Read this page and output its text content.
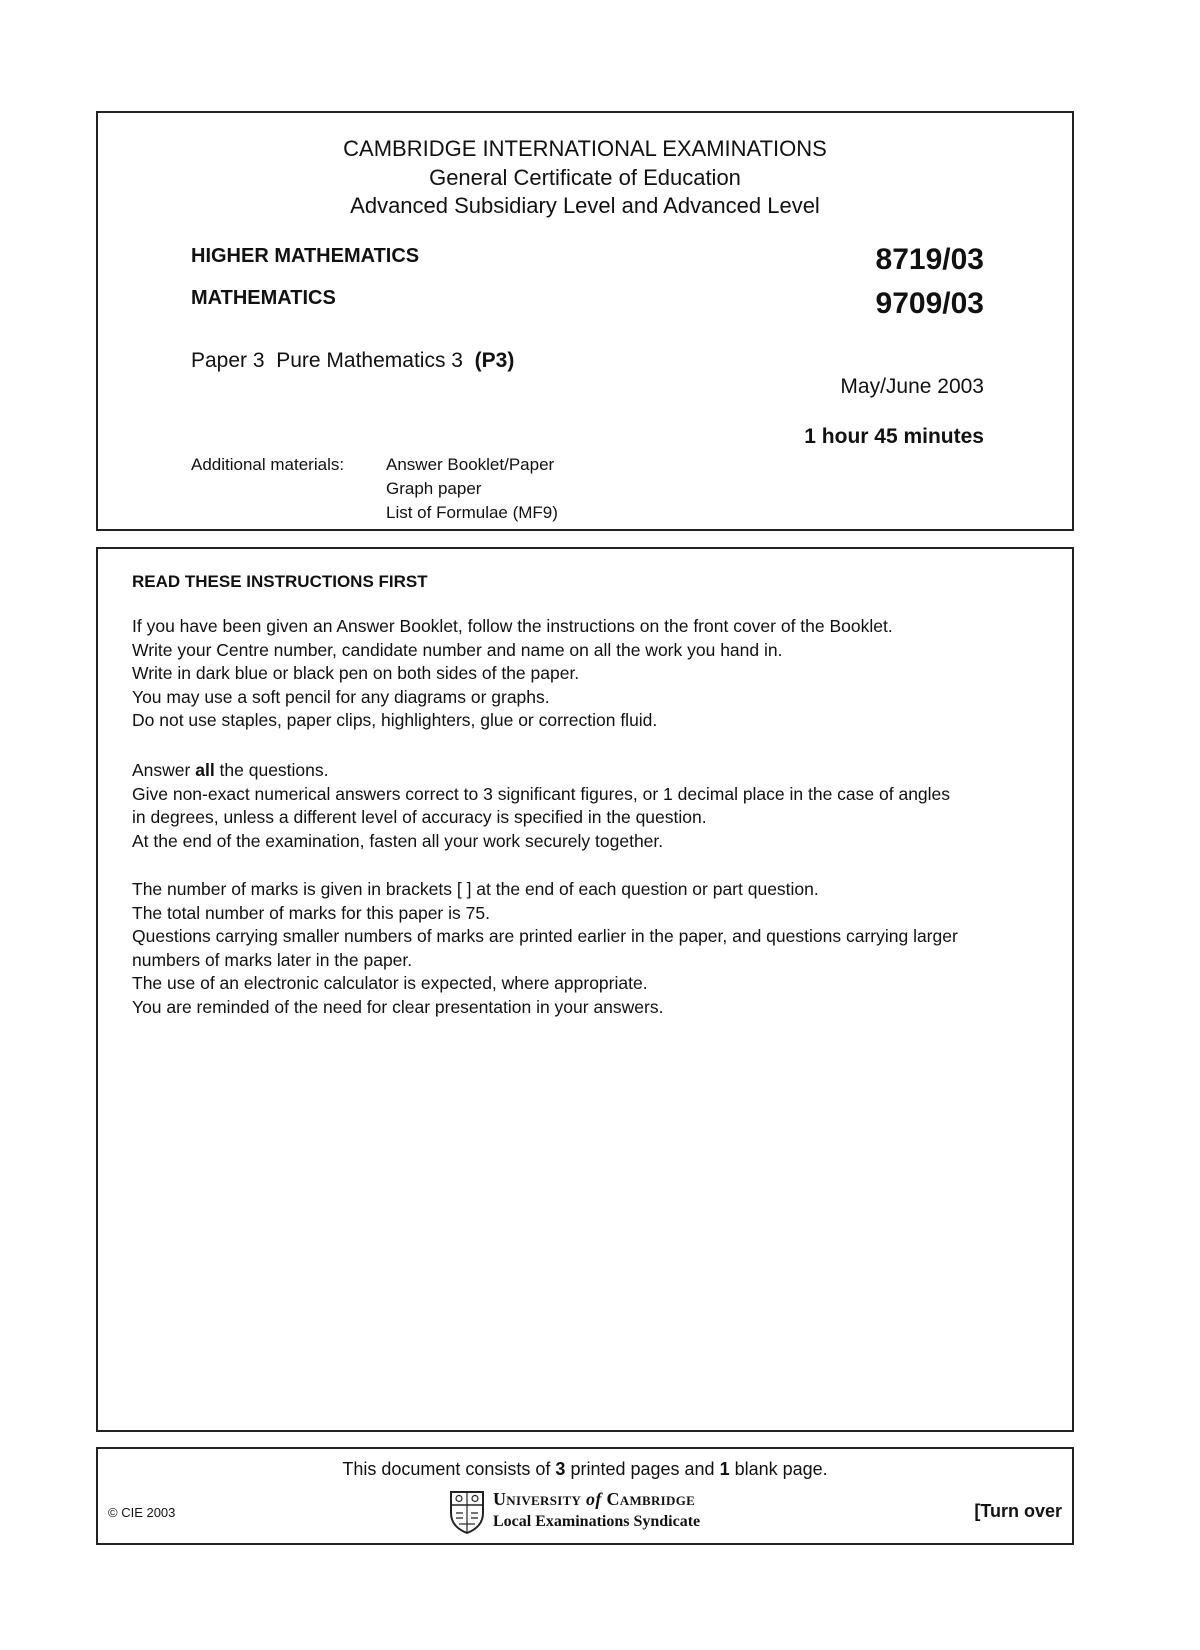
CAMBRIDGE INTERNATIONAL EXAMINATIONS
General Certificate of Education
Advanced Subsidiary Level and Advanced Level
HIGHER MATHEMATICS	8719/03
MATHEMATICS	9709/03
Paper 3  Pure Mathematics 3  (P3)
May/June 2003
1 hour 45 minutes
Additional materials: Answer Booklet/Paper
Graph paper
List of Formulae (MF9)
READ THESE INSTRUCTIONS FIRST
If you have been given an Answer Booklet, follow the instructions on the front cover of the Booklet.
Write your Centre number, candidate number and name on all the work you hand in.
Write in dark blue or black pen on both sides of the paper.
You may use a soft pencil for any diagrams or graphs.
Do not use staples, paper clips, highlighters, glue or correction fluid.
Answer all the questions.
Give non-exact numerical answers correct to 3 significant figures, or 1 decimal place in the case of angles
in degrees, unless a different level of accuracy is specified in the question.
At the end of the examination, fasten all your work securely together.
The number of marks is given in brackets [ ] at the end of each question or part question.
The total number of marks for this paper is 75.
Questions carrying smaller numbers of marks are printed earlier in the paper, and questions carrying larger
numbers of marks later in the paper.
The use of an electronic calculator is expected, where appropriate.
You are reminded of the need for clear presentation in your answers.
This document consists of 3 printed pages and 1 blank page.
© CIE 2003
University of Cambridge
Local Examinations Syndicate
[Turn over
